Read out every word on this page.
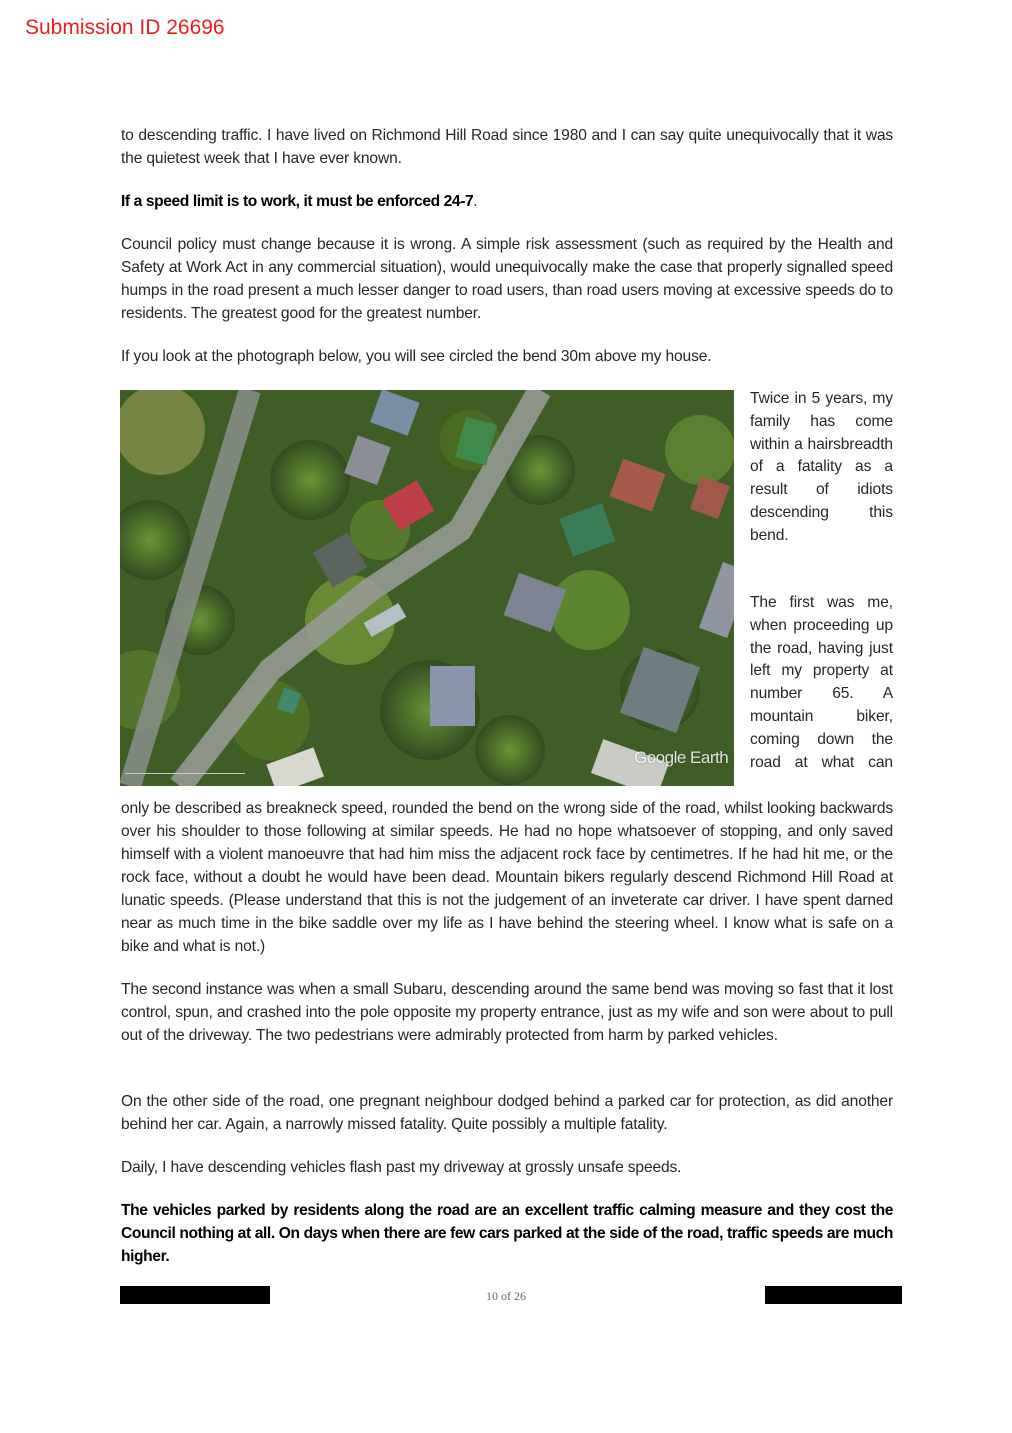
Submission ID 26696

to descending traffic. I have lived on Richmond Hill Road since 1980 and I can say quite unequivocally that it was the quietest week that I have ever known.

If a speed limit is to work, it must be enforced 24-7.

Council policy must change because it is wrong. A simple risk assessment (such as required by the Health and Safety at Work Act in any commercial situation), would unequivocally make the case that properly signalled speed humps in the road present a much lesser danger to road users, than road users moving at excessive speeds do to residents. The greatest good for the greatest number.

If you look at the photograph below, you will see circled the bend 30m above my house.

Google Earth
Twice in 5 years, my family has come within a hairsbreadth of a fatality as a result of idiots descending this bend.
The first was me, when proceeding up the road, having just left my property at number 65. A mountain biker, coming down the road at what can

only be described as breakneck speed, rounded the bend on the wrong side of the road, whilst looking backwards over his shoulder to those following at similar speeds. He had no hope whatsoever of stopping, and only saved himself with a violent manoeuvre that had him miss the adjacent rock face by centimetres. If he had hit me, or the rock face, without a doubt he would have been dead. Mountain bikers regularly descend Richmond Hill Road at lunatic speeds. (Please understand that this is not the judgement of an inveterate car driver. I have spent darned near as much time in the bike saddle over my life as I have behind the steering wheel. I know what is safe on a bike and what is not.)

The second instance was when a small Subaru, descending around the same bend was moving so fast that it lost control, spun, and crashed into the pole opposite my property entrance, just as my wife and son were about to pull out of the driveway. The two pedestrians were admirably protected from harm by parked vehicles.

On the other side of the road, one pregnant neighbour dodged behind a parked car for protection, as did another behind her car. Again, a narrowly missed fatality. Quite possibly a multiple fatality.

Daily, I have descending vehicles flash past my driveway at grossly unsafe speeds.

The vehicles parked by residents along the road are an excellent traffic calming measure and they cost the Council nothing at all. On days when there are few cars parked at the side of the road, traffic speeds are much higher.

10 of 26
